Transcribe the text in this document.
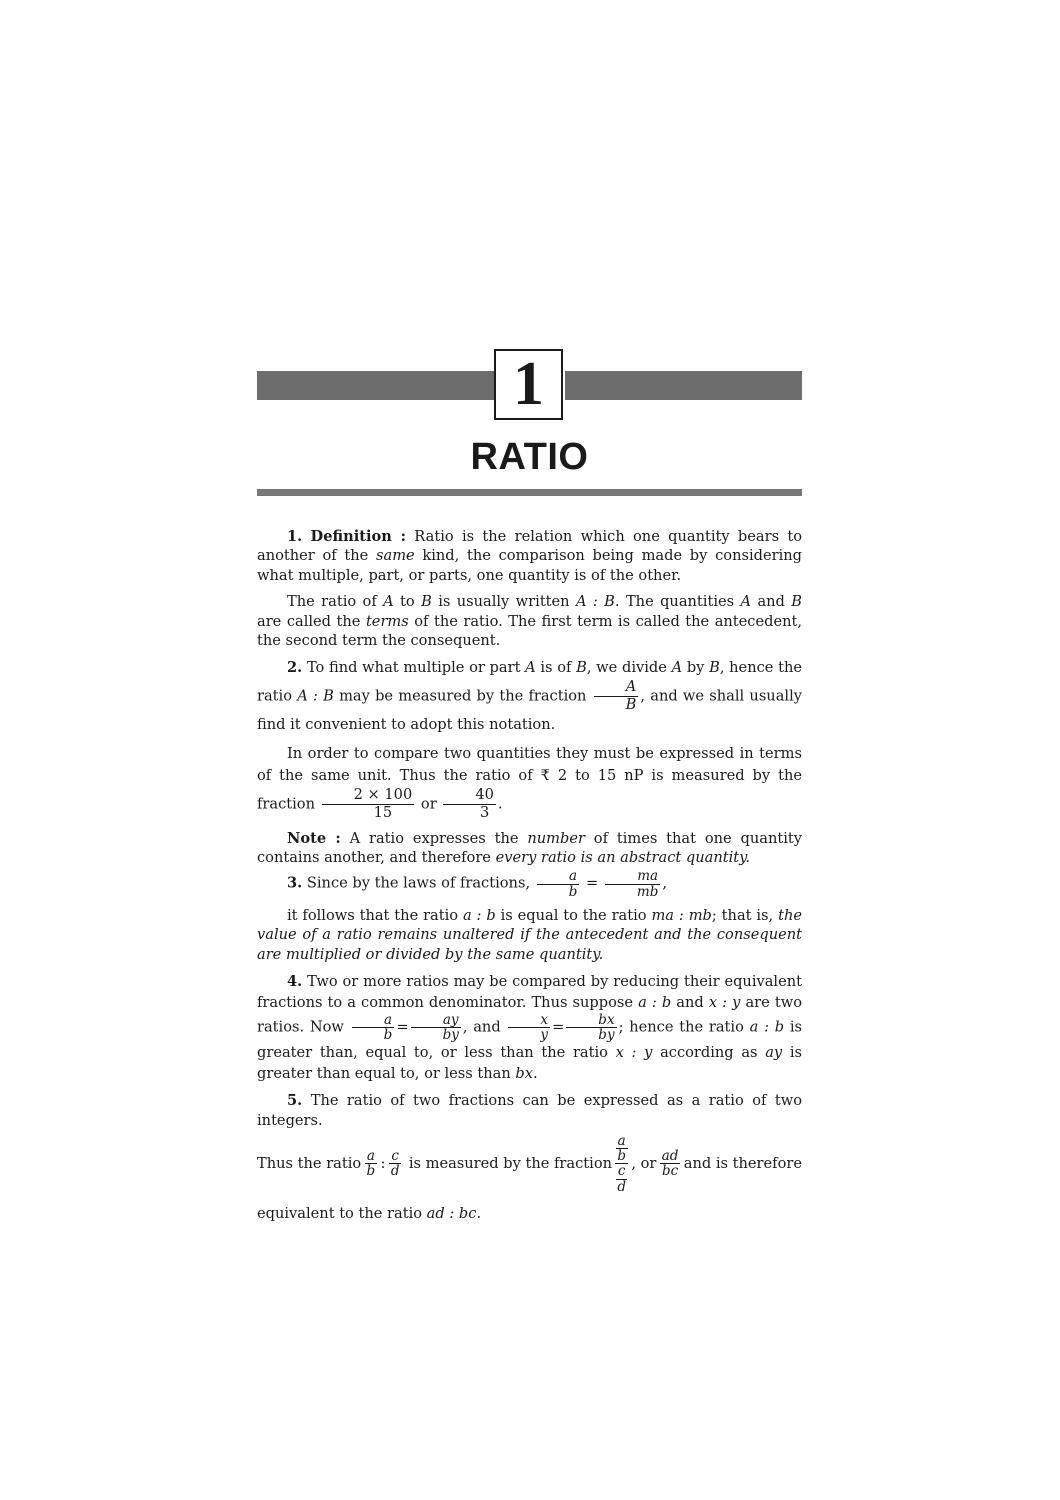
1
RATIO

1. Definition : Ratio is the relation which one quantity bears to another of the same kind, the comparison being made by considering what multiple, part, or parts, one quantity is of the other.

The ratio of A to B is usually written A : B. The quantities A and B are called the terms of the ratio. The first term is called the antecedent, the second term the consequent.

2. To find what multiple or part A is of B, we divide A by B, hence the ratio A : B may be measured by the fraction $\frac{A}{B}$ , and we shall usually find it convenient to adopt this notation.

In order to compare two quantities they must be expressed in terms of the same unit. Thus the ratio of ₹ 2 to 15 nP is measured by the fraction $\frac{2 \times 100}{15}$ or $\frac{40}{3}$ .

Note : A ratio expresses the number of times that one quantity contains another, and therefore every ratio is an abstract quantity.

3. Since by the laws of fractions, $\frac{a}{b} = \frac{ma}{mb}$ ,

it follows that the ratio a : b is equal to the ratio ma : mb; that is, the value of a ratio remains unaltered if the antecedent and the consequent are multiplied or divided by the same quantity.

4. Two or more ratios may be compared by reducing their equivalent fractions to a common denominator. Thus suppose a : b and x : y are two ratios. Now $\frac{a}{b} = \frac{ay}{by}$ , and $\frac{x}{y} = \frac{bx}{by}$ ; hence the ratio a : b is greater than, equal to, or less than the ratio x : y according as ay is greater than equal to, or less than bx.

5. The ratio of two fractions can be expressed as a ratio of two integers.

Thus the ratio $\frac{a}{b}$ : $\frac{c}{d}$ is measured by the fraction $\frac{\frac{a}{b}}{\frac{c}{d}}$ , or $\frac{ad}{bc}$ and is therefore

equivalent to the ratio ad : bc.
